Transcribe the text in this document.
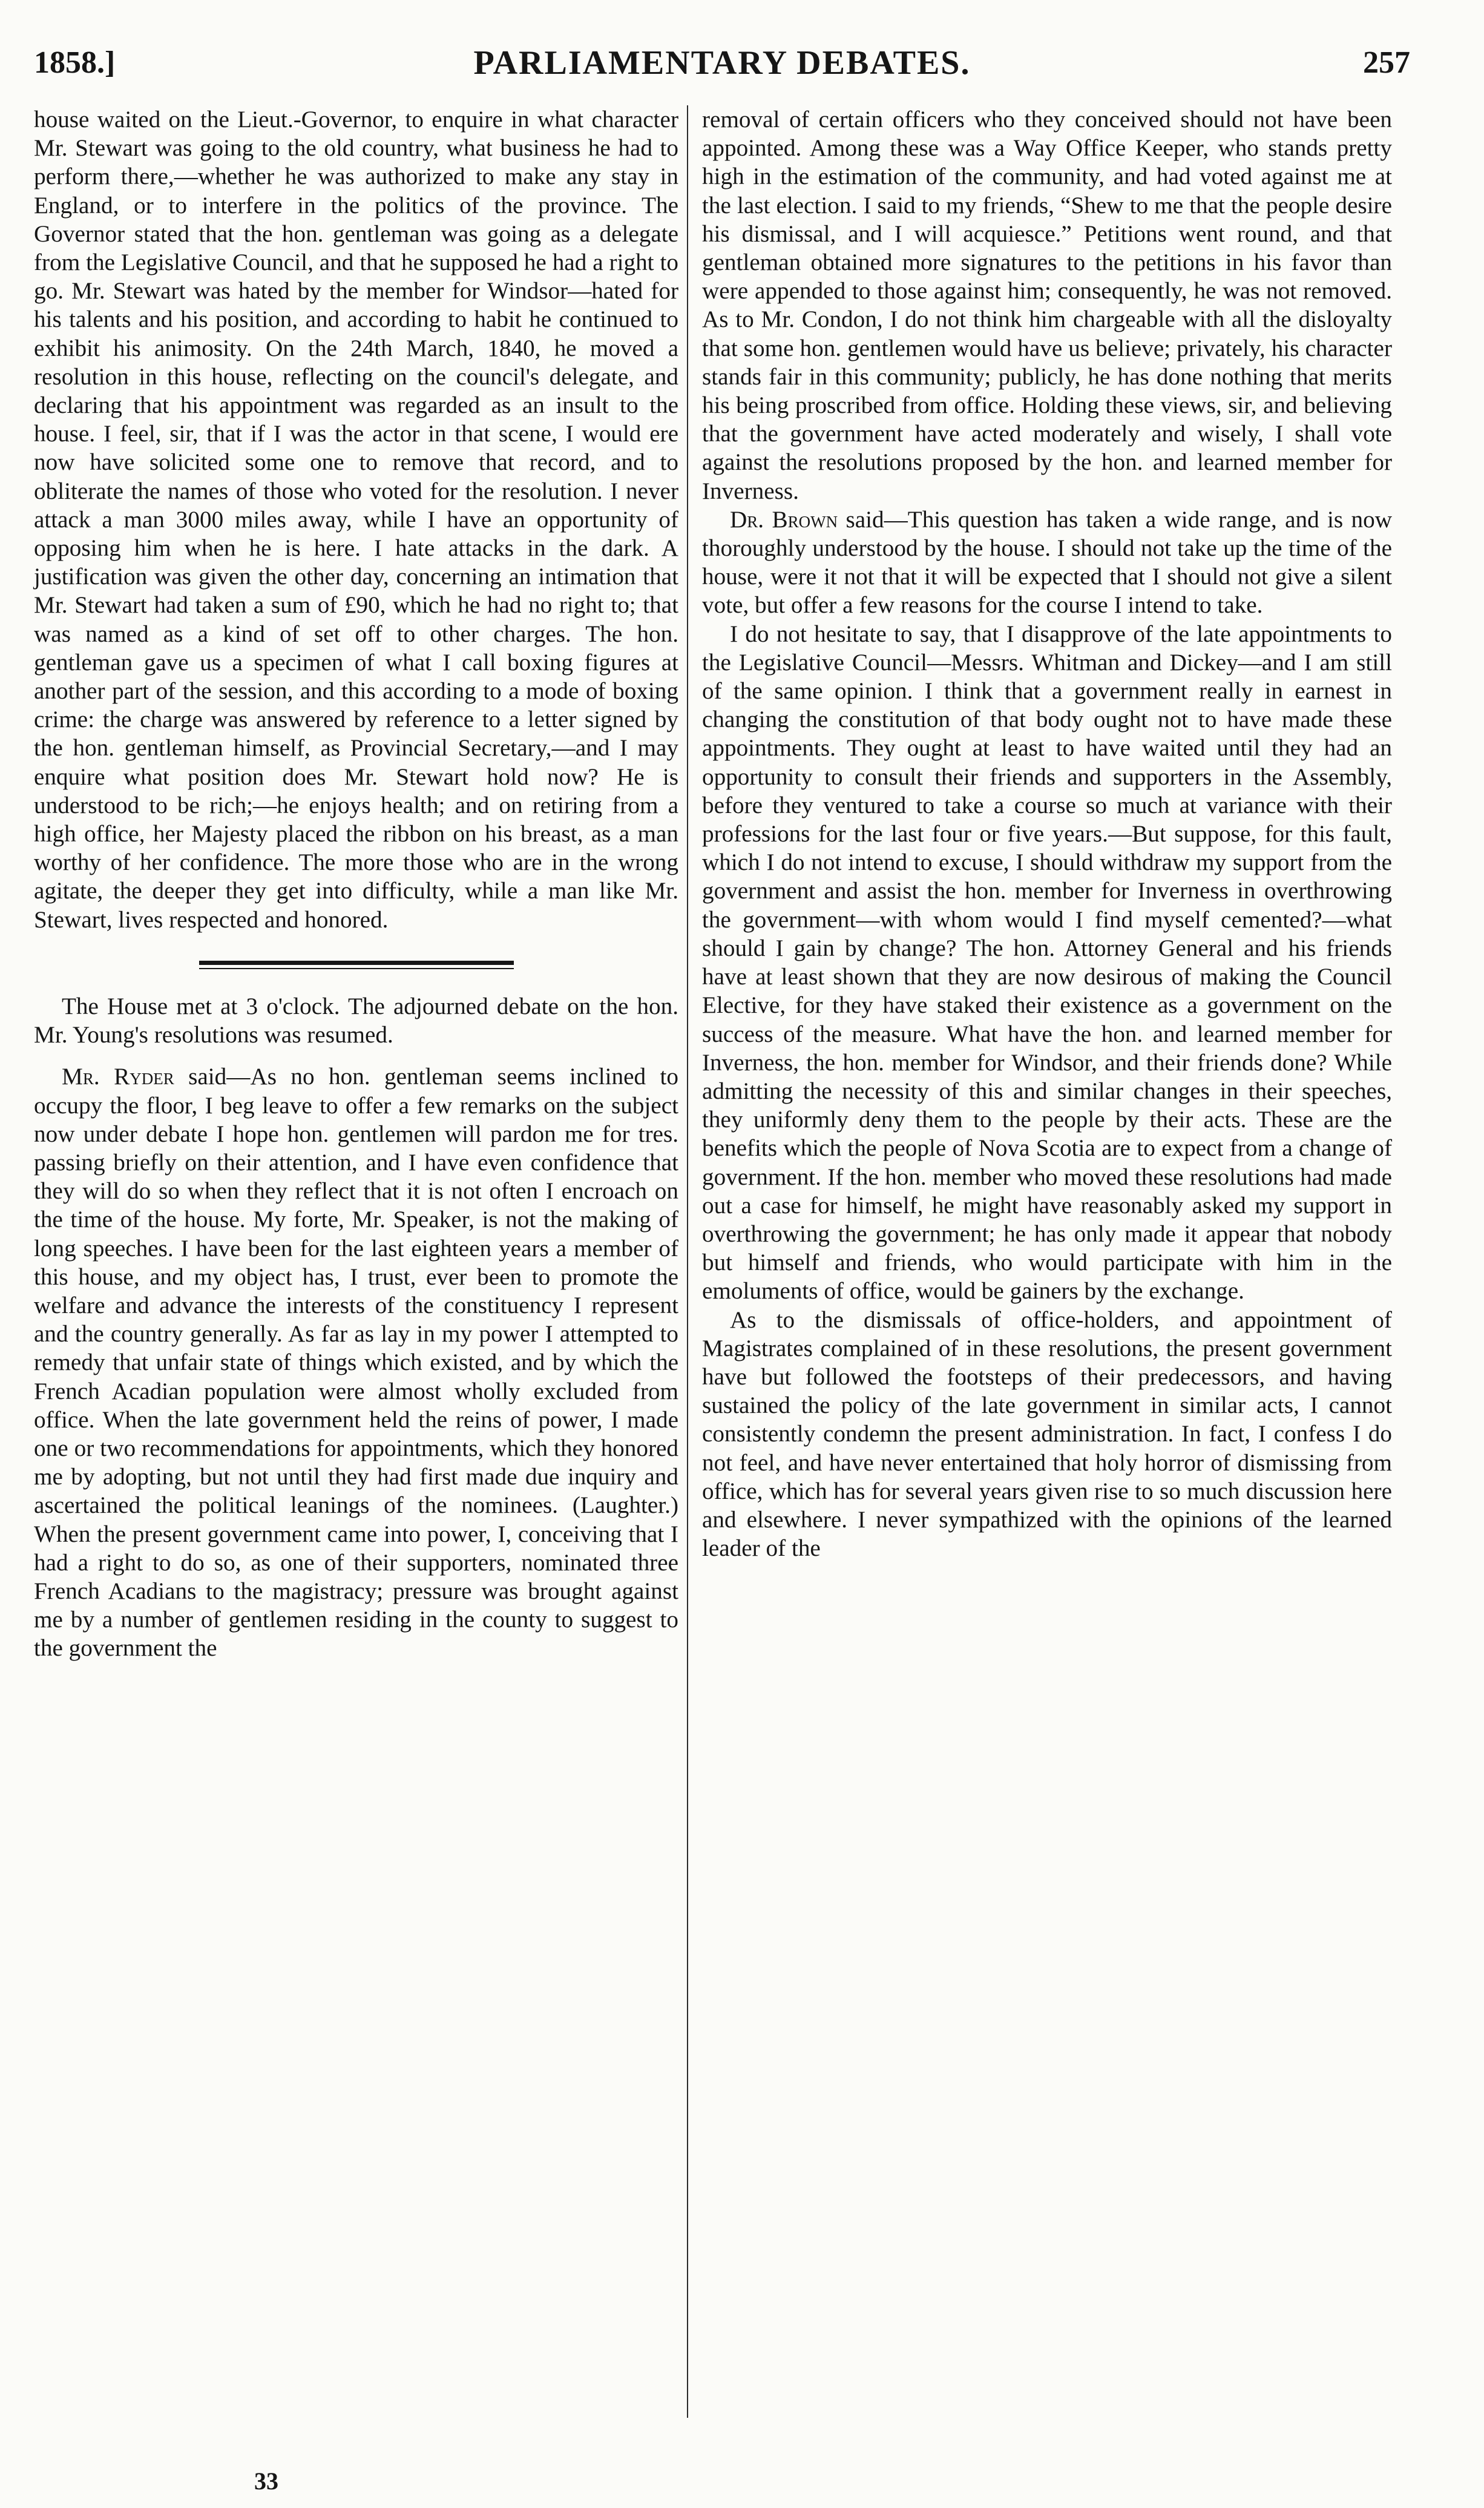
1858.]	PARLIAMENTARY DEBATES.	257

house waited on the Lieut.-Governor, to enquire in what character Mr. Stewart was going to the old country, what business he had to perform there,—whether he was authorized to make any stay in England, or to interfere in the politics of the province. The Governor stated that the hon. gentleman was going as a delegate from the Legislative Council, and that he supposed he had a right to go. Mr. Stewart was hated by the member for Windsor—hated for his talents and his position, and according to habit he continued to exhibit his animosity. On the 24th March, 1840, he moved a resolution in this house, reflecting on the council's delegate, and declaring that his appointment was regarded as an insult to the house. I feel, sir, that if I was the actor in that scene, I would ere now have solicited some one to remove that record, and to obliterate the names of those who voted for the resolution. I never attack a man 3000 miles away, while I have an opportunity of opposing him when he is here. I hate attacks in the dark. A justification was given the other day, concerning an intimation that Mr. Stewart had taken a sum of £90, which he had no right to; that was named as a kind of set off to other charges. The hon. gentleman gave us a specimen of what I call boxing figures at another part of the session, and this according to a mode of boxing crime: the charge was answered by reference to a letter signed by the hon. gentleman himself, as Provincial Secretary,—and I may enquire what position does Mr. Stewart hold now? He is understood to be rich;—he enjoys health; and on retiring from a high office, her Majesty placed the ribbon on his breast, as a man worthy of her confidence. The more those who are in the wrong agitate, the deeper they get into difficulty, while a man like Mr. Stewart, lives respected and honored.

The House met at 3 o'clock. The adjourned debate on the hon. Mr. Young's resolutions was resumed.

Mr. Ryder said—As no hon. gentleman seems inclined to occupy the floor, I beg leave to offer a few remarks on the subject now under debate I hope hon. gentlemen will pardon me for tres. passing briefly on their attention, and I have even confidence that they will do so when they reflect that it is not often I encroach on the time of the house. My forte, Mr. Speaker, is not the making of long speeches. I have been for the last eighteen years a member of this house, and my object has, I trust, ever been to promote the welfare and advance the interests of the constituency I represent and the country generally. As far as lay in my power I attempted to remedy that unfair state of things which existed, and by which the French Acadian population were almost wholly excluded from office. When the late government held the reins of power, I made one or two recommendations for appointments, which they honored me by adopting, but not until they had first made due inquiry and ascertained the political leanings of the nominees. (Laughter.) When the present government came into power, I, conceiving that I had a right to do so, as one of their supporters, nominated three French Acadians to the magistracy; pressure was brought against me by a number of gentlemen residing in the county to suggest to the government the

removal of certain officers who they conceived should not have been appointed. Among these was a Way Office Keeper, who stands pretty high in the estimation of the community, and had voted against me at the last election. I said to my friends, “Shew to me that the people desire his dismissal, and I will acquiesce.” Petitions went round, and that gentleman obtained more signatures to the petitions in his favor than were appended to those against him; consequently, he was not removed. As to Mr. Condon, I do not think him chargeable with all the disloyalty that some hon. gentlemen would have us believe; privately, his character stands fair in this community; publicly, he has done nothing that merits his being proscribed from office. Holding these views, sir, and believing that the government have acted moderately and wisely, I shall vote against the resolutions proposed by the hon. and learned member for Inverness.

Dr. Brown said—This question has taken a wide range, and is now thoroughly understood by the house. I should not take up the time of the house, were it not that it will be expected that I should not give a silent vote, but offer a few reasons for the course I intend to take.

I do not hesitate to say, that I disapprove of the late appointments to the Legislative Council—Messrs. Whitman and Dickey—and I am still of the same opinion. I think that a government really in earnest in changing the constitution of that body ought not to have made these appointments. They ought at least to have waited until they had an opportunity to consult their friends and supporters in the Assembly, before they ventured to take a course so much at variance with their professions for the last four or five years.—But suppose, for this fault, which I do not intend to excuse, I should withdraw my support from the government and assist the hon. member for Inverness in overthrowing the government—with whom would I find myself cemented?—what should I gain by change? The hon. Attorney General and his friends have at least shown that they are now desirous of making the Council Elective, for they have staked their existence as a government on the success of the measure. What have the hon. and learned member for Inverness, the hon. member for Windsor, and their friends done? While admitting the necessity of this and similar changes in their speeches, they uniformly deny them to the people by their acts. These are the benefits which the people of Nova Scotia are to expect from a change of government. If the hon. member who moved these resolutions had made out a case for himself, he might have reasonably asked my support in overthrowing the government; he has only made it appear that nobody but himself and friends, who would participate with him in the emoluments of office, would be gainers by the exchange.

As to the dismissals of office-holders, and appointment of Magistrates complained of in these resolutions, the present government have but followed the footsteps of their predecessors, and having sustained the policy of the late government in similar acts, I cannot consistently condemn the present administration. In fact, I confess I do not feel, and have never entertained that holy horror of dismissing from office, which has for several years given rise to so much discussion here and elsewhere. I never sympathized with the opinions of the learned leader of the

33
